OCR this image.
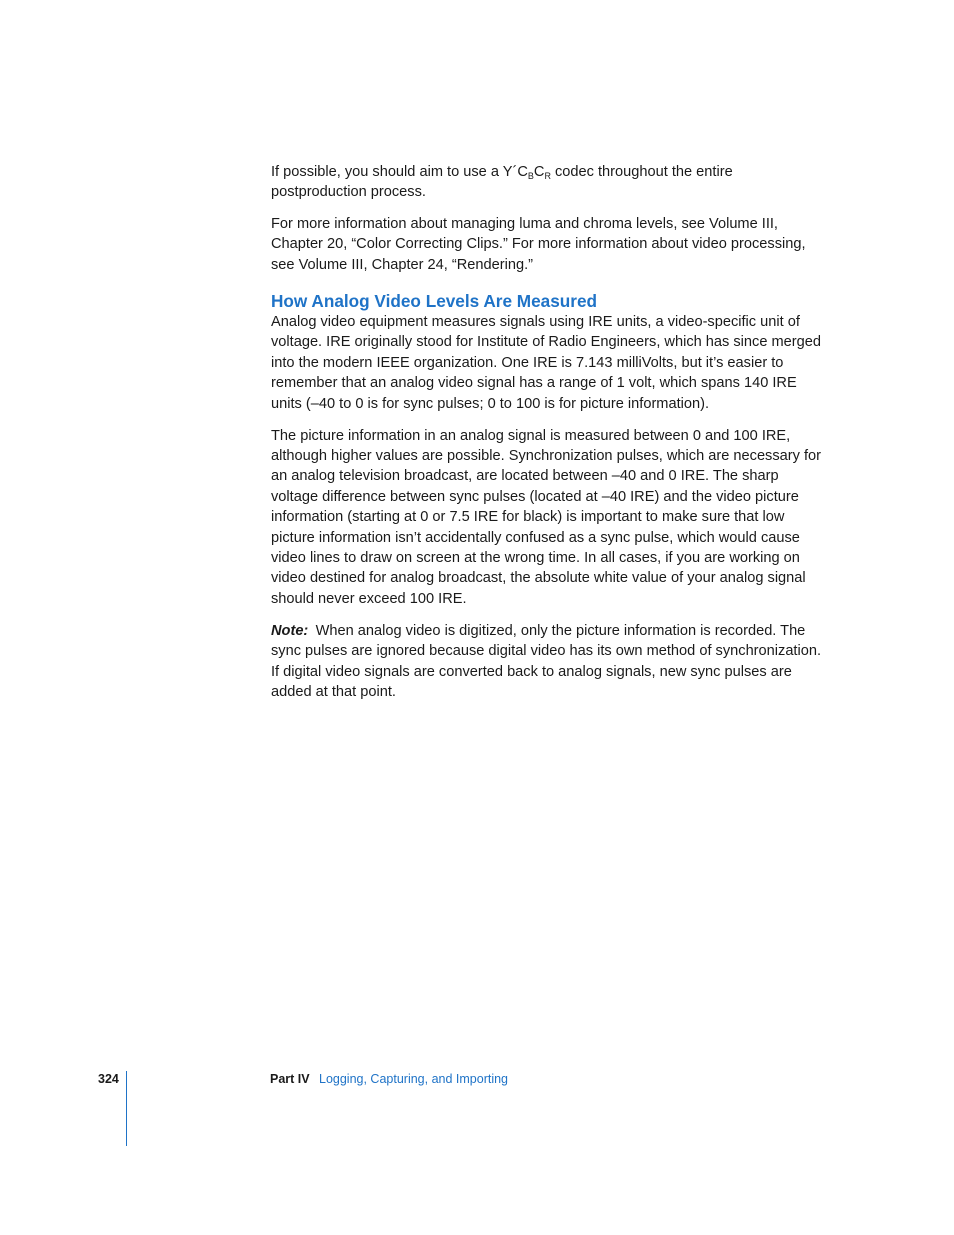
If possible, you should aim to use a $Y´C_BC_R$ codec throughout the entire postproduction process.

For more information about managing luma and chroma levels, see Volume III, Chapter 20, “Color Correcting Clips.” For more information about video processing, see Volume III, Chapter 24, “Rendering.”

How Analog Video Levels Are Measured

Analog video equipment measures signals using IRE units, a video-specific unit of voltage. IRE originally stood for Institute of Radio Engineers, which has since merged into the modern IEEE organization. One IRE is 7.143 milliVolts, but it’s easier to remember that an analog video signal has a range of 1 volt, which spans 140 IRE units (–40 to 0 is for sync pulses; 0 to 100 is for picture information).

The picture information in an analog signal is measured between 0 and 100 IRE, although higher values are possible. Synchronization pulses, which are necessary for an analog television broadcast, are located between –40 and 0 IRE. The sharp voltage difference between sync pulses (located at –40 IRE) and the video picture information (starting at 0 or 7.5 IRE for black) is important to make sure that low picture information isn’t accidentally confused as a sync pulse, which would cause video lines to draw on screen at the wrong time. In all cases, if you are working on video destined for analog broadcast, the absolute white value of your analog signal should never exceed 100 IRE.

Note: When analog video is digitized, only the picture information is recorded. The sync pulses are ignored because digital video has its own method of synchronization. If digital video signals are converted back to analog signals, new sync pulses are added at that point.

324	Part IV Logging, Capturing, and Importing
